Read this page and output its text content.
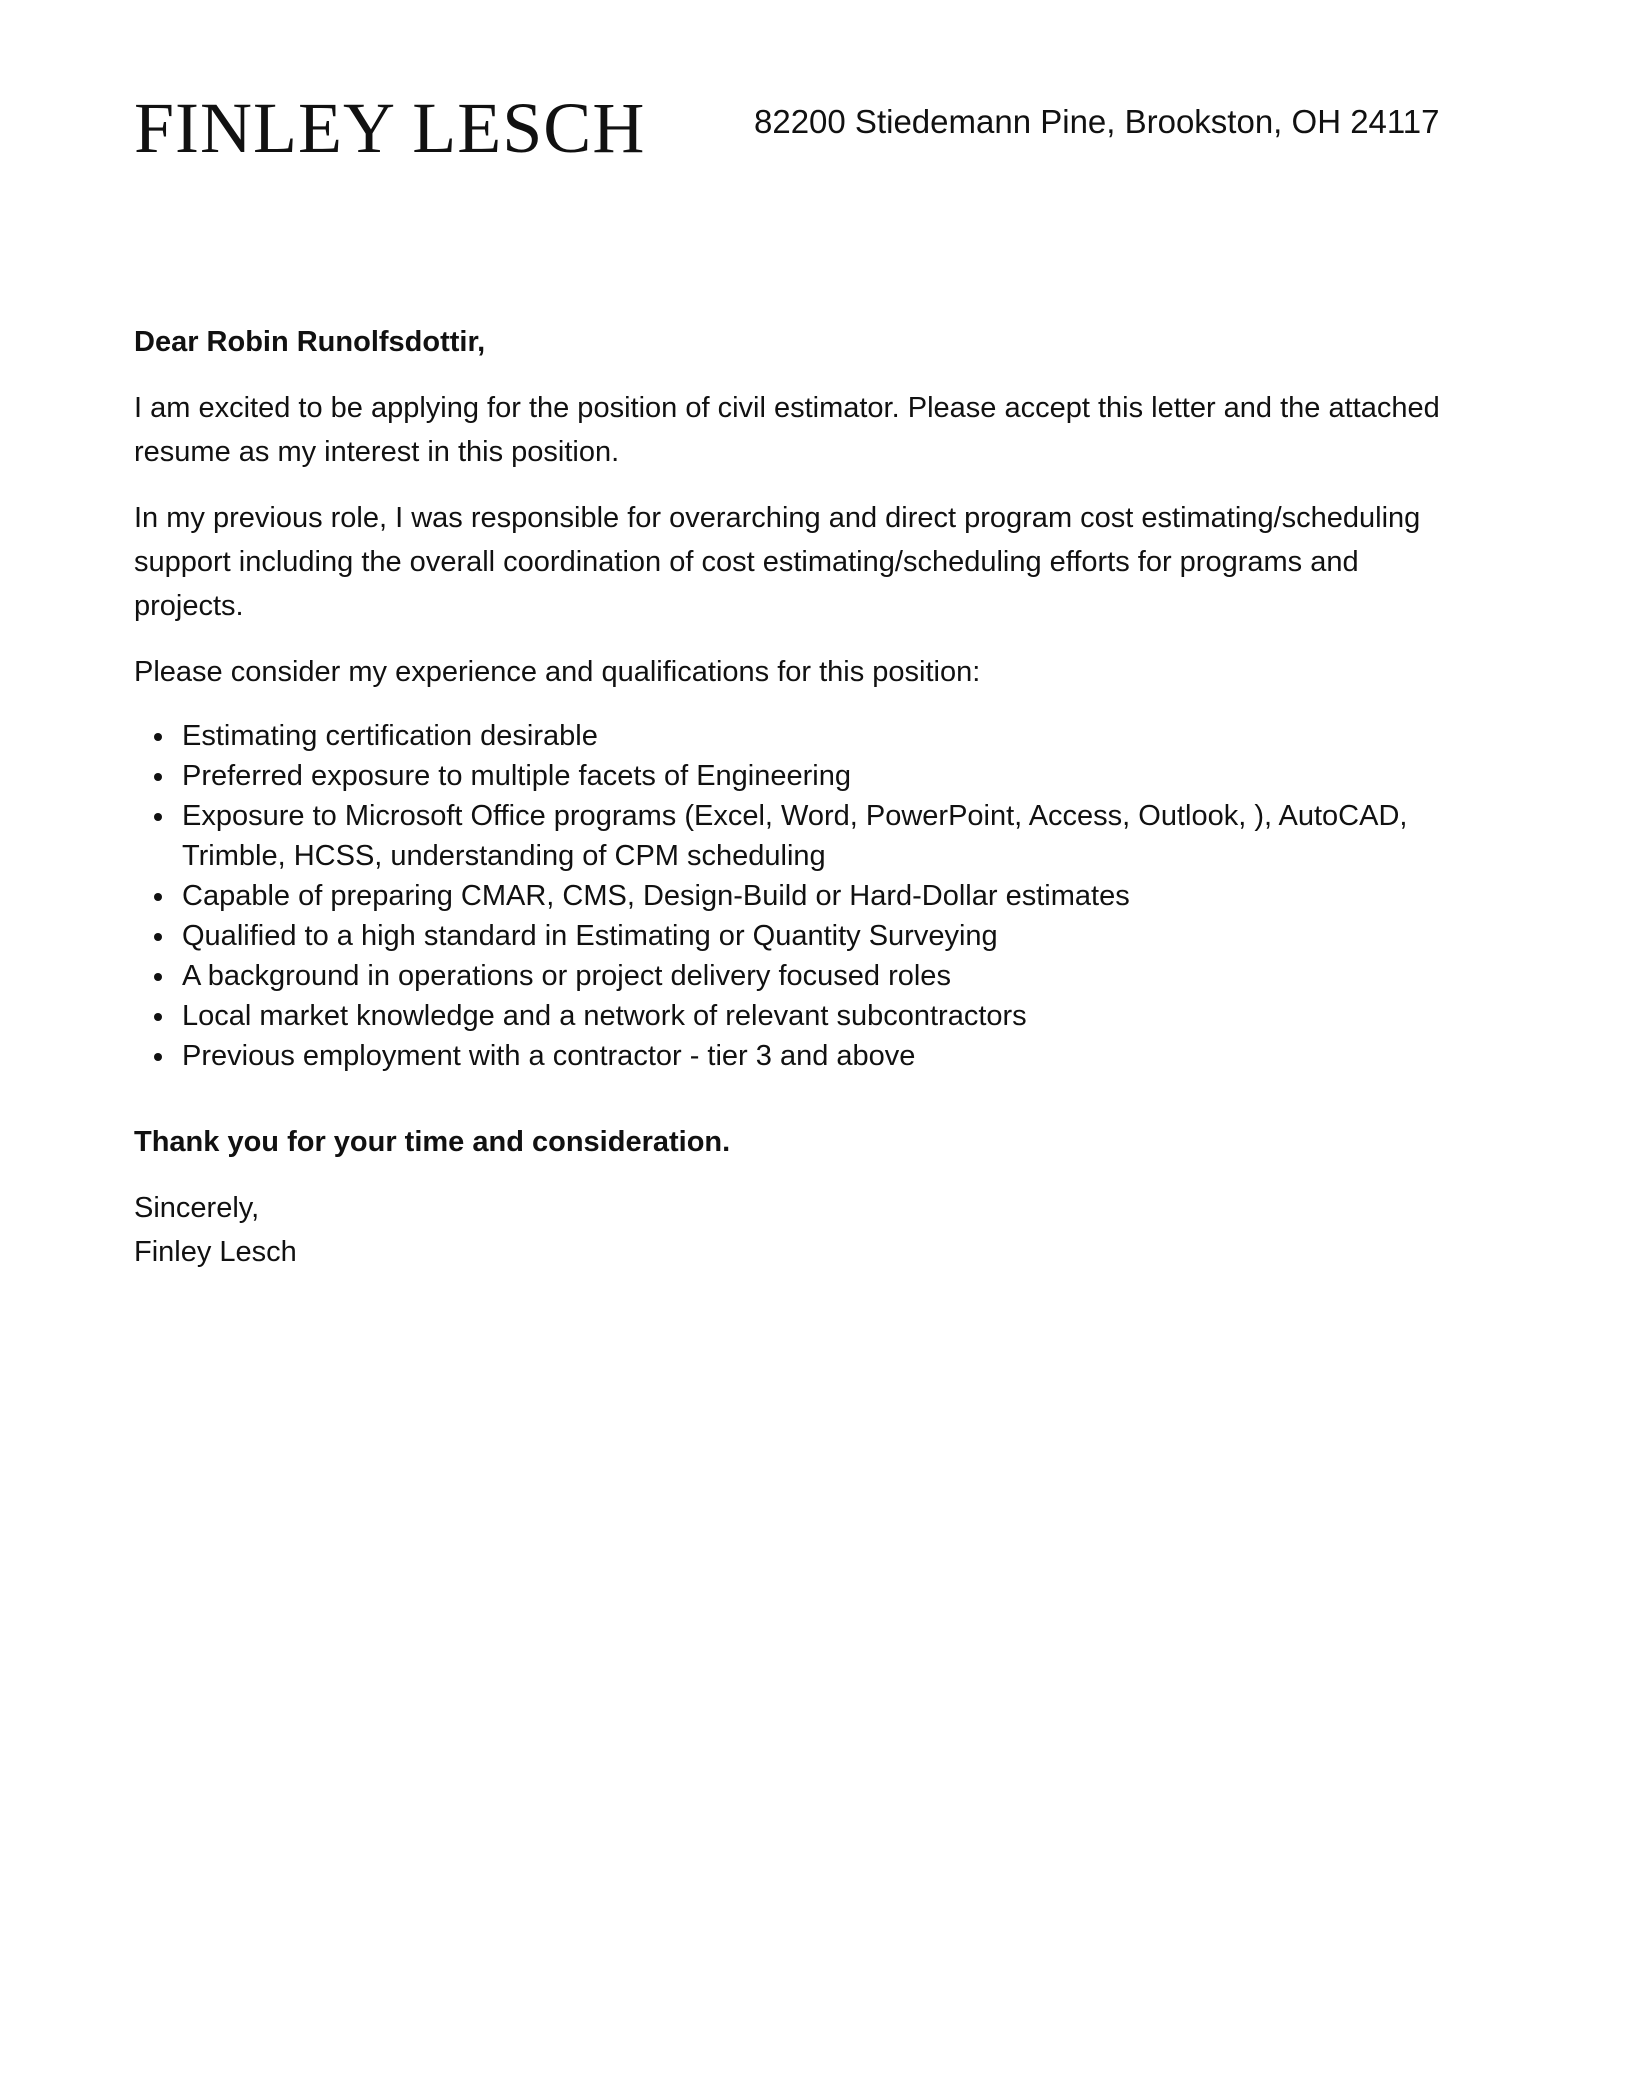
FINLEY LESCH	82200 Stiedemann Pine, Brookston, OH 24117

Dear Robin Runolfsdottir,

I am excited to be applying for the position of civil estimator. Please accept this letter and the attached resume as my interest in this position.

In my previous role, I was responsible for overarching and direct program cost estimating/scheduling support including the overall coordination of cost estimating/scheduling efforts for programs and projects.

Please consider my experience and qualifications for this position:

Estimating certification desirable
Preferred exposure to multiple facets of Engineering
Exposure to Microsoft Office programs (Excel, Word, PowerPoint, Access, Outlook, ), AutoCAD, Trimble, HCSS, understanding of CPM scheduling
Capable of preparing CMAR, CMS, Design-Build or Hard-Dollar estimates
Qualified to a high standard in Estimating or Quantity Surveying
A background in operations or project delivery focused roles
Local market knowledge and a network of relevant subcontractors
Previous employment with a contractor - tier 3 and above

Thank you for your time and consideration.

Sincerely,

Finley Lesch
